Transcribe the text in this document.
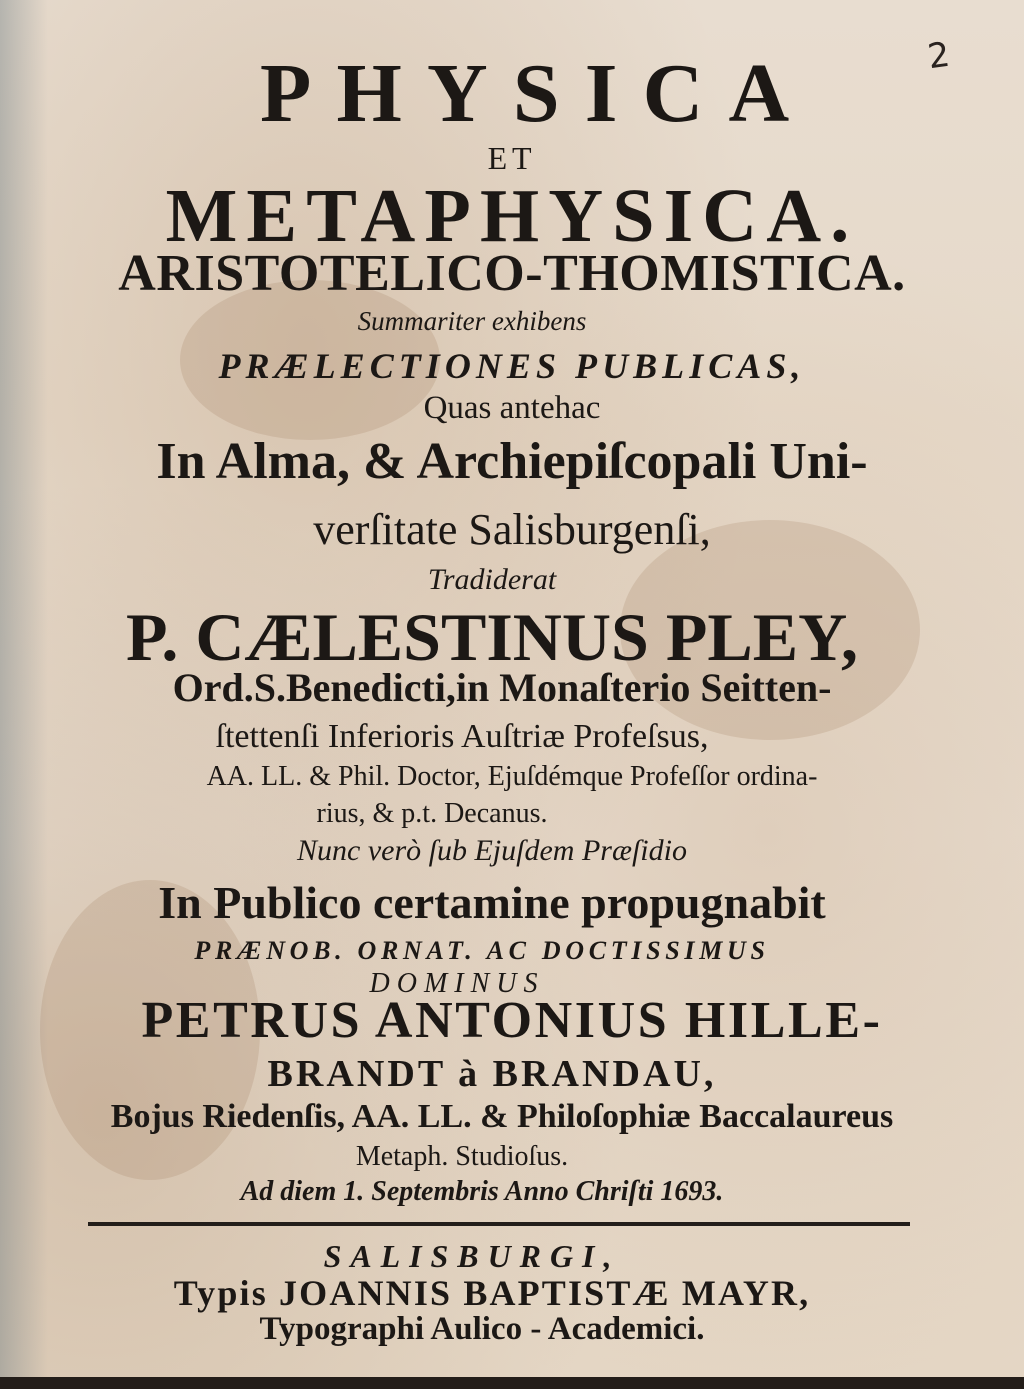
2
PHYSICA
ET
METAPHYSICA.
ARISTOTELICO-THOMISTICA.
Summariter exhibens
PRÆLECTIONES PUBLICAS,
Quas antehac
In Alma, & Archiepiſcopali Uni-
verſitate Salisburgenſi,
Tradiderat
P. CÆLESTINUS PLEY,
Ord.S.Benedicti,in Monaſterio Seitten-
ſtettenſi Inferioris Auſtriæ Profeſsus,
AA. LL. & Phil. Doctor, Ejuſdémque Profeſſor ordina-
rius, & p.t. Decanus.
Nunc verò ſub Ejuſdem Præſidio
In Publico certamine propugnabit
PRÆNOB. ORNAT. AC DOCTISSIMUS
DOMINUS
PETRUS ANTONIUS HILLE-
BRANDT à BRANDAU,
Bojus Riedenſis, AA. LL. & Philoſophiæ Baccalaureus
Metaph. Studioſus.
Ad diem 1. Septembris Anno Chriſti 1693.
SALISBURGI,
Typis JOANNIS BAPTISTÆ MAYR,
Typographi Aulico - Academici.
